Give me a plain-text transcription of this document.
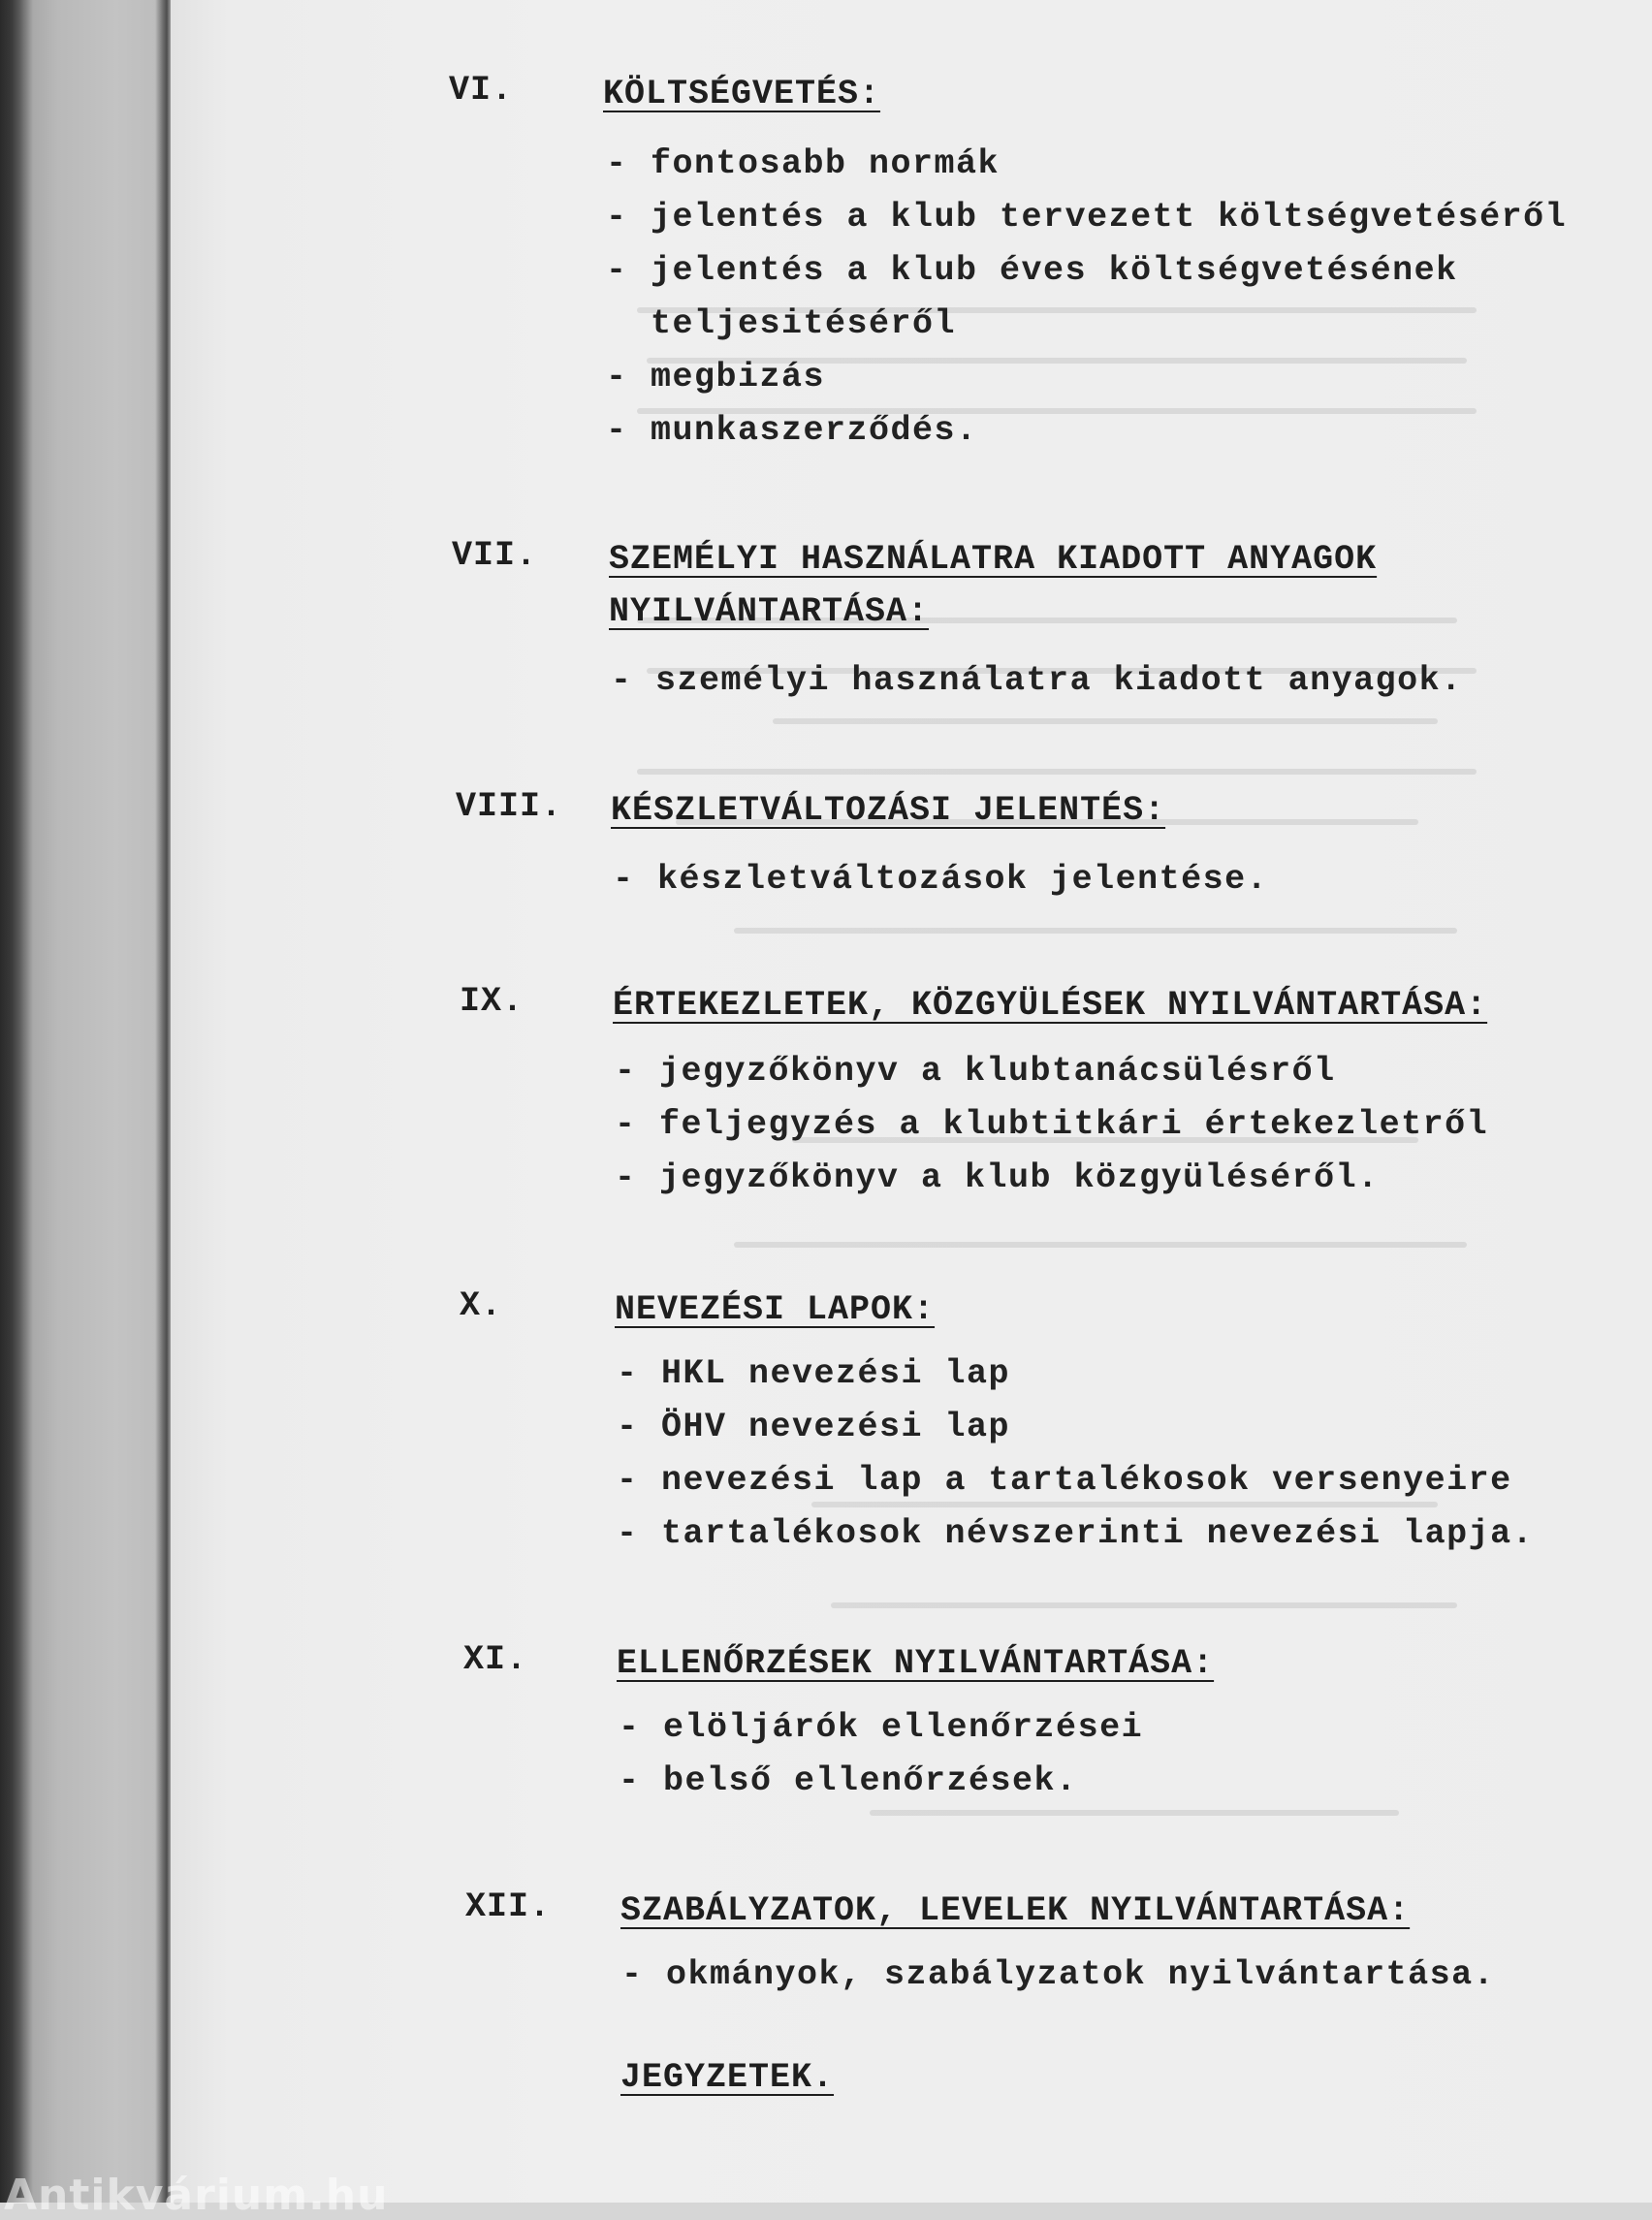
VI.	KÖLTSÉGVETÉS:
- fontosabb normák
- jelentés a klub tervezett költségvetéséről
- jelentés a klub éves költségvetésének
teljesitéséről
- megbizás
- munkaszerződés.
VII. SZEMÉLYI HASZNÁLATRA KIADOTT ANYAGOK
NYILVÁNTARTÁSA:
- személyi használatra kiadott anyagok.
VIII. KÉSZLETVÁLTOZÁSI JELENTÉS:
- készletváltozások jelentése.
IX.	ÉRTEKEZLETEK, KÖZGYÜLÉSEK NYILVÁNTARTÁSA:
- jegyzőkönyv a klubtanácsülésről
- feljegyzés a klubtitkári értekezletről
- jegyzőkönyv a klub közgyüléséről.
X.	NEVEZÉSI LAPOK:
- HKL nevezési lap
- ÖHV nevezési lap
- nevezési lap a tartalékosok versenyeire
- tartalékosok névszerinti nevezési lapja.
XI.	ELLENŐRZÉSEK NYILVÁNTARTÁSA:
- elöljárók ellenőrzései
- belső ellenőrzések.
XII. SZABÁLYZATOK, LEVELEK NYILVÁNTARTÁSA:
- okmányok, szabályzatok nyilvántartása.
JEGYZETEK.
Antikvárium.hu
